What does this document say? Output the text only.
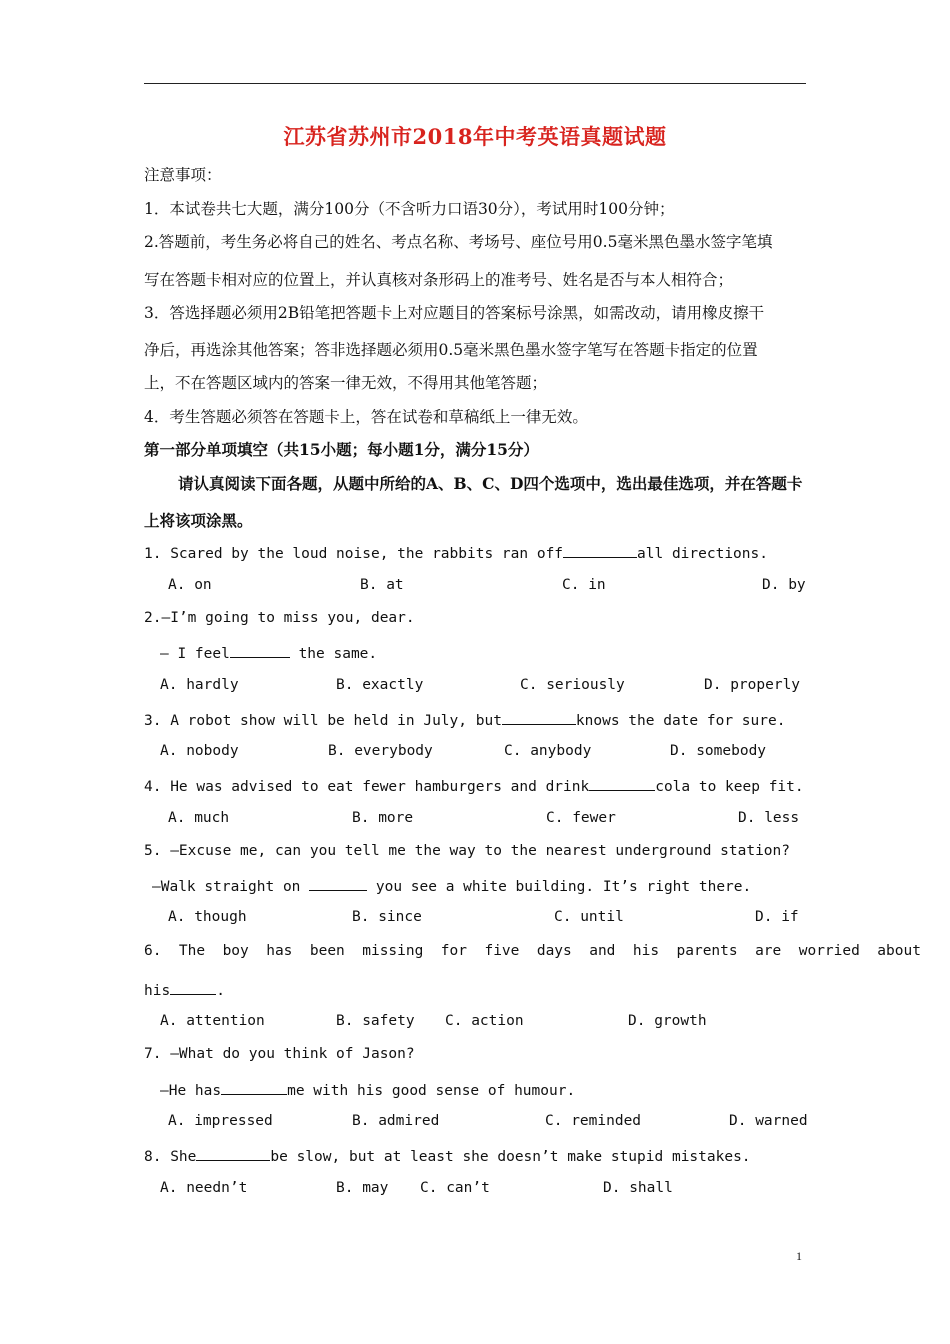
江苏省苏州市2018年中考英语真题试题
注意事项：
1．本试卷共七大题，满分100分（不含听力口语30分），考试用时100分钟；
2.答题前，考生务必将自己的姓名、考点名称、考场号、座位号用0.5毫米黑色墨水签字笔填
写在答题卡相对应的位置上，并认真核对条形码上的准考号、姓名是否与本人相符合；
3．答选择题必须用2B铅笔把答题卡上对应题目的答案标号涂黑，如需改动，请用橡皮擦干
净后，再选涂其他答案；答非选择题必须用0.5毫米黑色墨水签字笔写在答题卡指定的位置
上，不在答题区域内的答案一律无效，不得用其他笔答题；
4．考生答题必须答在答题卡上，答在试卷和草稿纸上一律无效。
第一部分单项填空（共15小题；每小题1分，满分15分）
请认真阅读下面各题，从题中所给的A、B、C、D四个选项中，选出最佳选项，并在答题卡
上将该项涂黑。
1. Scared by the loud noise, the rabbits ran off	all directions.
A. on	B. at	C. in	D. by
2.—I’m going to miss you, dear.
— I feel	the same.
A. hardly	B. exactly	C. seriously	D. properly
3. A robot show will be held in July, but	knows the date for sure.
A. nobody	B. everybody	C. anybody	D. somebody
4. He was advised to eat fewer hamburgers and drink	cola to keep fit.
A. much	B. more	C. fewer	D. less
5. —Excuse me, can you tell me the way to the nearest underground station?
—Walk straight on	you see a white building. It’s right there.
A. though	B. since	C. until	D. if
6.  The  boy  has  been  missing  for  five  days  and  his  parents  are  worried  about
his	.
A. attention	B. safety C. action	D. growth
7. —What do you think of Jason?
—He has	me with his good sense of humour.
A. impressed	B. admired	C. reminded	D. warned
8. She	be slow, but at least she doesn’t make stupid mistakes.
A. needn’t	B. may C. can’t	D. shall
1
